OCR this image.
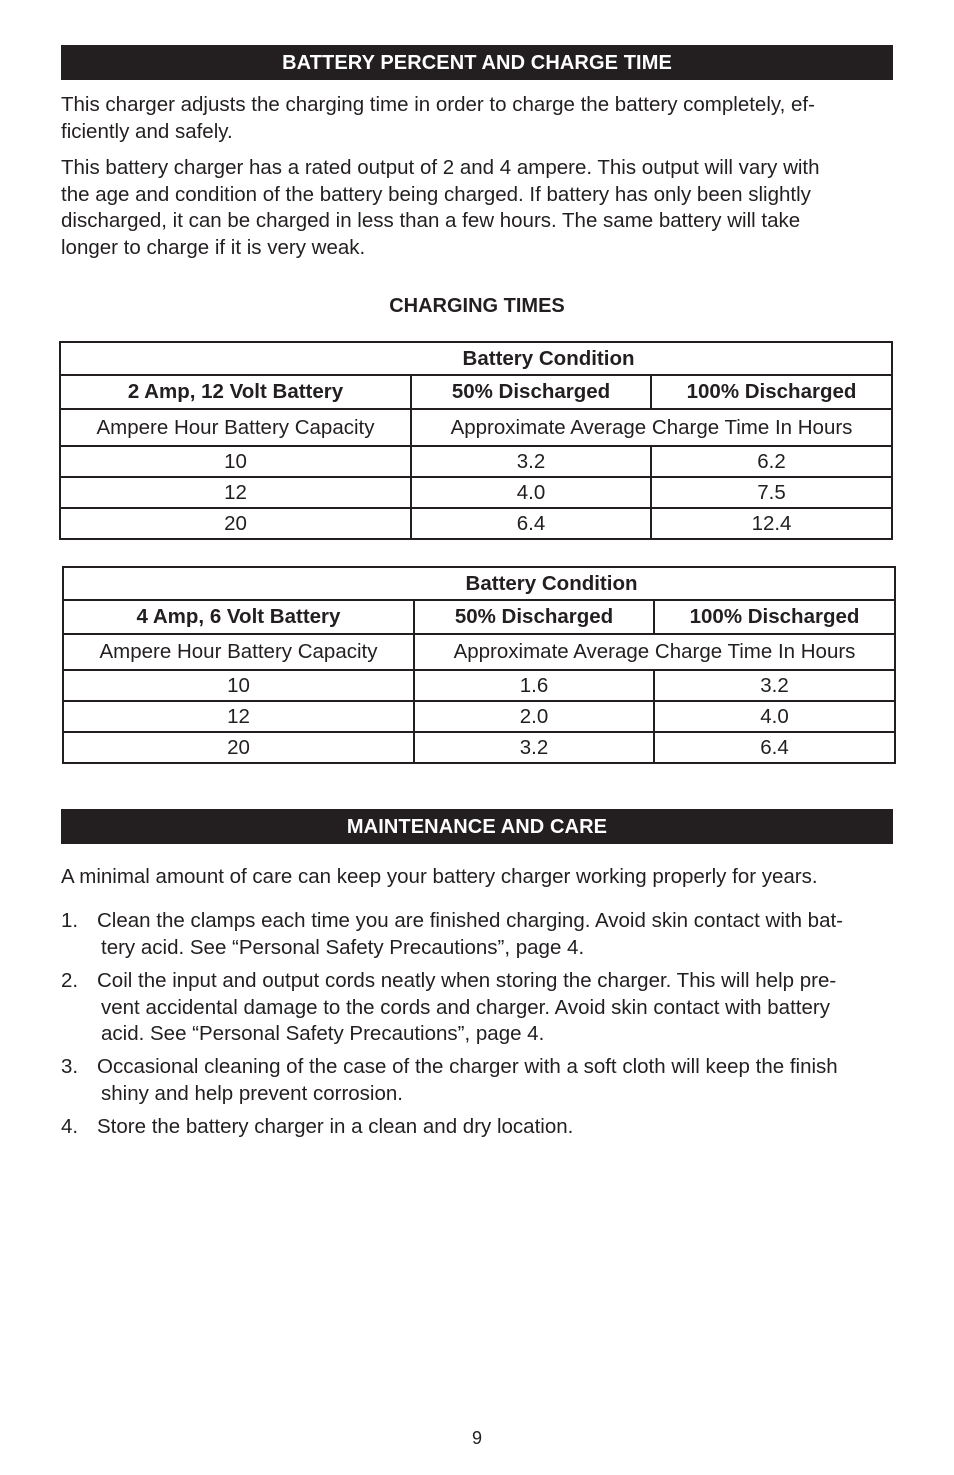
BATTERY PERCENT AND CHARGE TIME

This charger adjusts the charging time in order to charge the battery completely, ef-
ficiently and safely.

This battery charger has a rated output of 2 and 4 ampere. This output will vary with
the age and condition of the battery being charged. If battery has only been slightly
discharged, it can be charged in less than a few hours. The same battery will take
longer to charge if it is very weak.

CHARGING TIMES
Battery Condition		
2 Amp, 12 Volt Battery	50% Discharged	100% Discharged
Ampere Hour Battery Capacity	Approximate Average Charge Time In Hours	
10	3.2	6.2
12	4.0	7.5
20	6.4	12.4
Battery Condition		
4 Amp, 6 Volt Battery	50% Discharged	100% Discharged
Ampere Hour Battery Capacity	Approximate Average Charge Time In Hours	
10	1.6	3.2
12	2.0	4.0
20	3.2	6.4
MAINTENANCE AND CARE

A minimal amount of care can keep your battery charger working properly for years.

1. Clean the clamps each time you are finished charging. Avoid skin contact with bat-
tery acid. See “Personal Safety Precautions”, page 4.
2. Coil the input and output cords neatly when storing the charger. This will help pre-
vent accidental damage to the cords and charger. Avoid skin contact with battery
acid. See “Personal Safety Precautions”, page 4.
3. Occasional cleaning of the case of the charger with a soft cloth will keep the finish
shiny and help prevent corrosion.
4. Store the battery charger in a clean and dry location.
9
